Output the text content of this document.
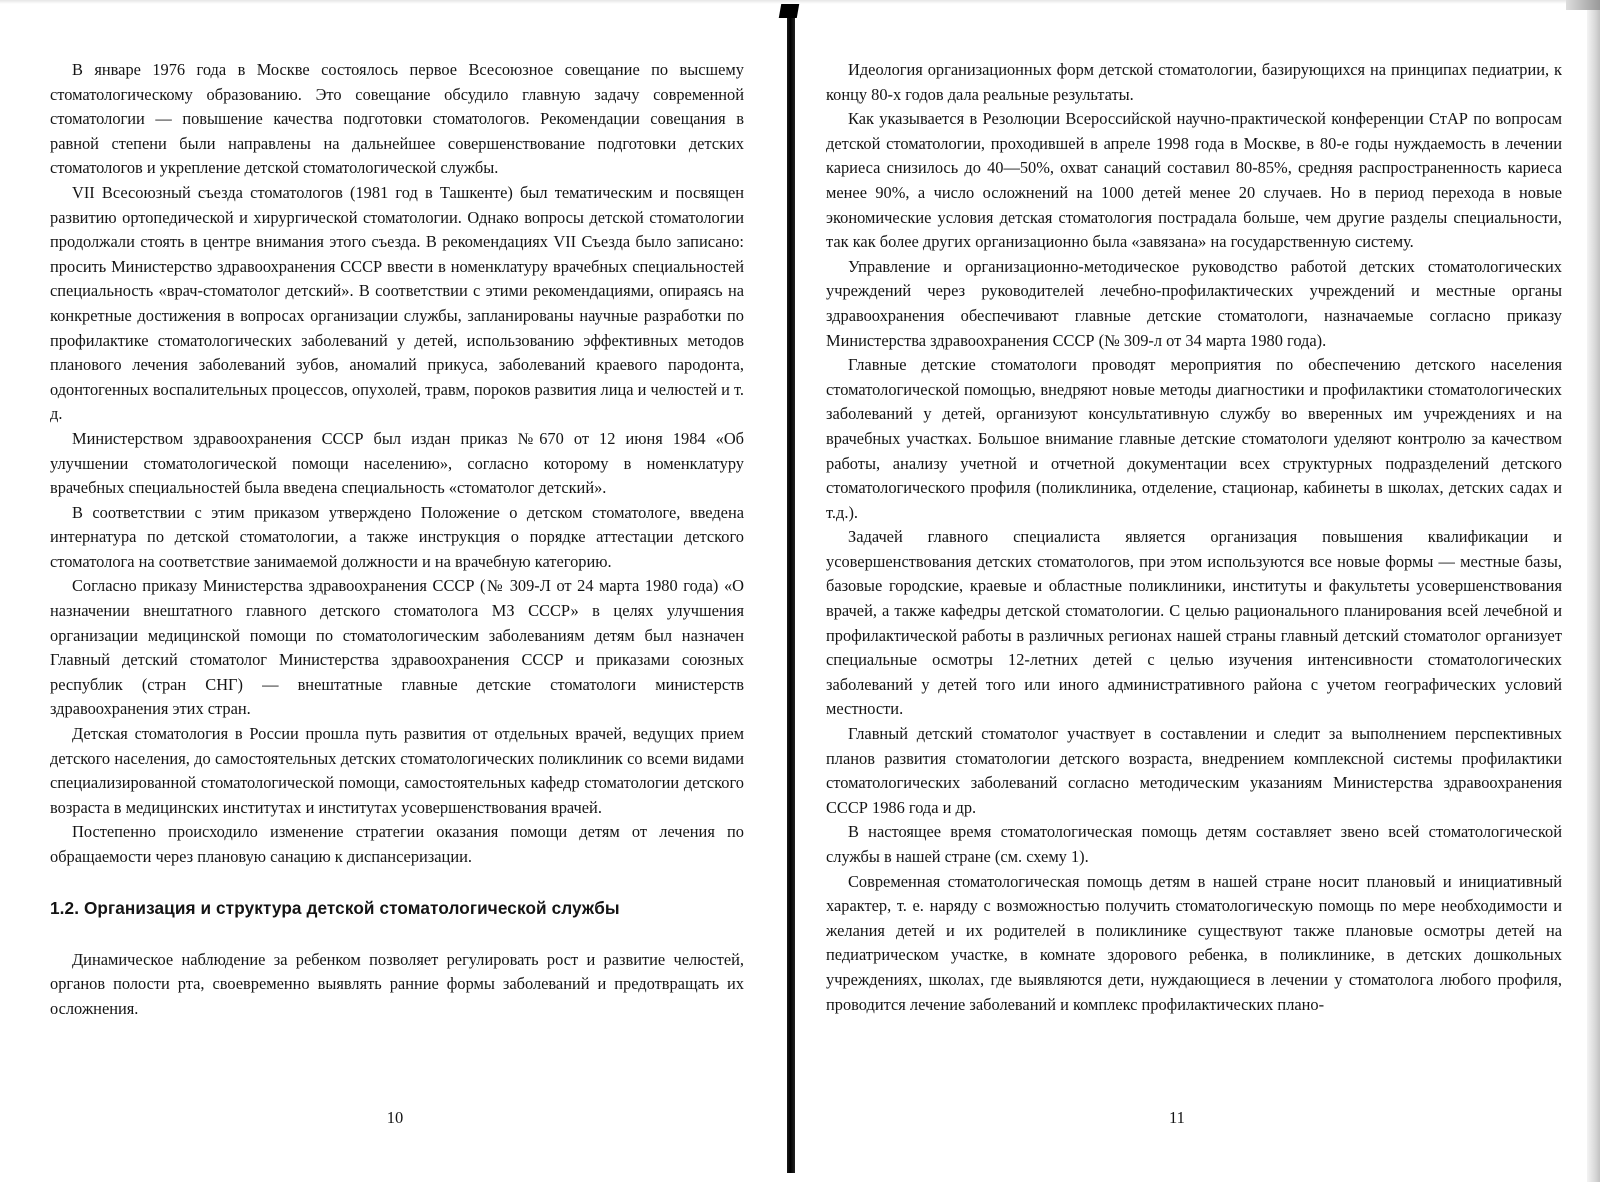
В январе 1976 года в Москве состоялось первое Всесоюзное совещание по высшему стоматологическому образованию. Это совещание обсудило главную задачу современной стоматологии — повышение качества подготовки стоматологов. Рекомендации совещания в равной степени были направлены на дальнейшее совершенствование подготовки детских стоматологов и укрепление детской стоматологической службы.

VII Всесоюзный съезда стоматологов (1981 год в Ташкенте) был тематическим и посвящен развитию ортопедической и хирургической стоматологии. Однако вопросы детской стоматологии продолжали стоять в центре внимания этого съезда. В рекомендациях VII Съезда было записано: просить Министерство здравоохранения СССР ввести в номенклатуру врачебных специальностей специальность «врач-стоматолог детский». В соответствии с этими рекомендациями, опираясь на конкретные достижения в вопросах организации службы, запланированы научные разработки по профилактике стоматологических заболеваний у детей, использованию эффективных методов планового лечения заболеваний зубов, аномалий прикуса, заболеваний краевого пародонта, одонтогенных воспалительных процессов, опухолей, травм, пороков развития лица и челюстей и т. д.

Министерством здравоохранения СССР был издан приказ №670 от 12 июня 1984 «Об улучшении стоматологической помощи населению», согласно которому в номенклатуру врачебных специальностей была введена специальность «стоматолог детский».

В соответствии с этим приказом утверждено Положение о детском стоматологе, введена интернатура по детской стоматологии, а также инструкция о порядке аттестации детского стоматолога на соответствие занимаемой должности и на врачебную категорию.

Согласно приказу Министерства здравоохранения СССР (№ 309-Л от 24 марта 1980 года) «О назначении внештатного главного детского стоматолога МЗ СССР» в целях улучшения организации медицинской помощи по стоматологическим заболеваниям детям был назначен Главный детский стоматолог Министерства здравоохранения СССР и приказами союзных республик (стран СНГ) — внештатные главные детские стоматологи министерств здравоохранения этих стран.

Детская стоматология в России прошла путь развития от отдельных врачей, ведущих прием детского населения, до самостоятельных детских стоматологических поликлиник со всеми видами специализированной стоматологической помощи, самостоятельных кафедр стоматологии детского возраста в медицинских институтах и институтах усовершенствования врачей.

Постепенно происходило изменение стратегии оказания помощи детям от лечения по обращаемости через плановую санацию к диспансеризации.

1.2. Организация и структура детской стоматологической службы

Динамическое наблюдение за ребенком позволяет регулировать рост и развитие челюстей, органов полости рта, своевременно выявлять ранние формы заболеваний и предотвращать их осложнения.

10

Идеология организационных форм детской стоматологии, базирующихся на принципах педиатрии, к концу 80-х годов дала реальные результаты.

Как указывается в Резолюции Всероссийской научно-практической конференции СтАР по вопросам детской стоматологии, проходившей в апреле 1998 года в Москве, в 80-е годы нуждаемость в лечении кариеса снизилось до 40—50%, охват санаций составил 80-85%, средняя распространенность кариеса менее 90%, а число осложнений на 1000 детей менее 20 случаев. Но в период перехода в новые экономические условия детская стоматология пострадала больше, чем другие разделы специальности, так как более других организационно была «завязана» на государственную систему.

Управление и организационно-методическое руководство работой детских стоматологических учреждений через руководителей лечебно-профилактических учреждений и местные органы здравоохранения обеспечивают главные детские стоматологи, назначаемые согласно приказу Министерства здравоохранения СССР (№ 309-л от 34 марта 1980 года).

Главные детские стоматологи проводят мероприятия по обеспечению детского населения стоматологической помощью, внедряют новые методы диагностики и профилактики стоматологических заболеваний у детей, организуют консультативную службу во вверенных им учреждениях и на врачебных участках. Большое внимание главные детские стоматологи уделяют контролю за качеством работы, анализу учетной и отчетной документации всех структурных подразделений детского стоматологического профиля (поликлиника, отделение, стационар, кабинеты в школах, детских садах и т.д.).

Задачей главного специалиста является организация повышения квалификации и усовершенствования детских стоматологов, при этом используются все новые формы — местные базы, базовые городские, краевые и областные поликлиники, институты и факультеты усовершенствования врачей, а также кафедры детской стоматологии. С целью рационального планирования всей лечебной и профилактической работы в различных регионах нашей страны главный детский стоматолог организует специальные осмотры 12-летних детей с целью изучения интенсивности стоматологических заболеваний у детей того или иного административного района с учетом географических условий местности.

Главный детский стоматолог участвует в составлении и следит за выполнением перспективных планов развития стоматологии детского возраста, внедрением комплексной системы профилактики стоматологических заболеваний согласно методическим указаниям Министерства здравоохранения СССР 1986 года и др.

В настоящее время стоматологическая помощь детям составляет звено всей стоматологической службы в нашей стране (см. схему 1).

Современная стоматологическая помощь детям в нашей стране носит плановый и инициативный характер, т. е. наряду с возможностью получить стоматологическую помощь по мере необходимости и желания детей и их родителей в поликлинике существуют также плановые осмотры детей на педиатрическом участке, в комнате здорового ребенка, в поликлинике, в детских дошкольных учреждениях, школах, где выявляются дети, нуждающиеся в лечении у стоматолога любого профиля, проводится лечение заболеваний и комплекс профилактических плано-

11
